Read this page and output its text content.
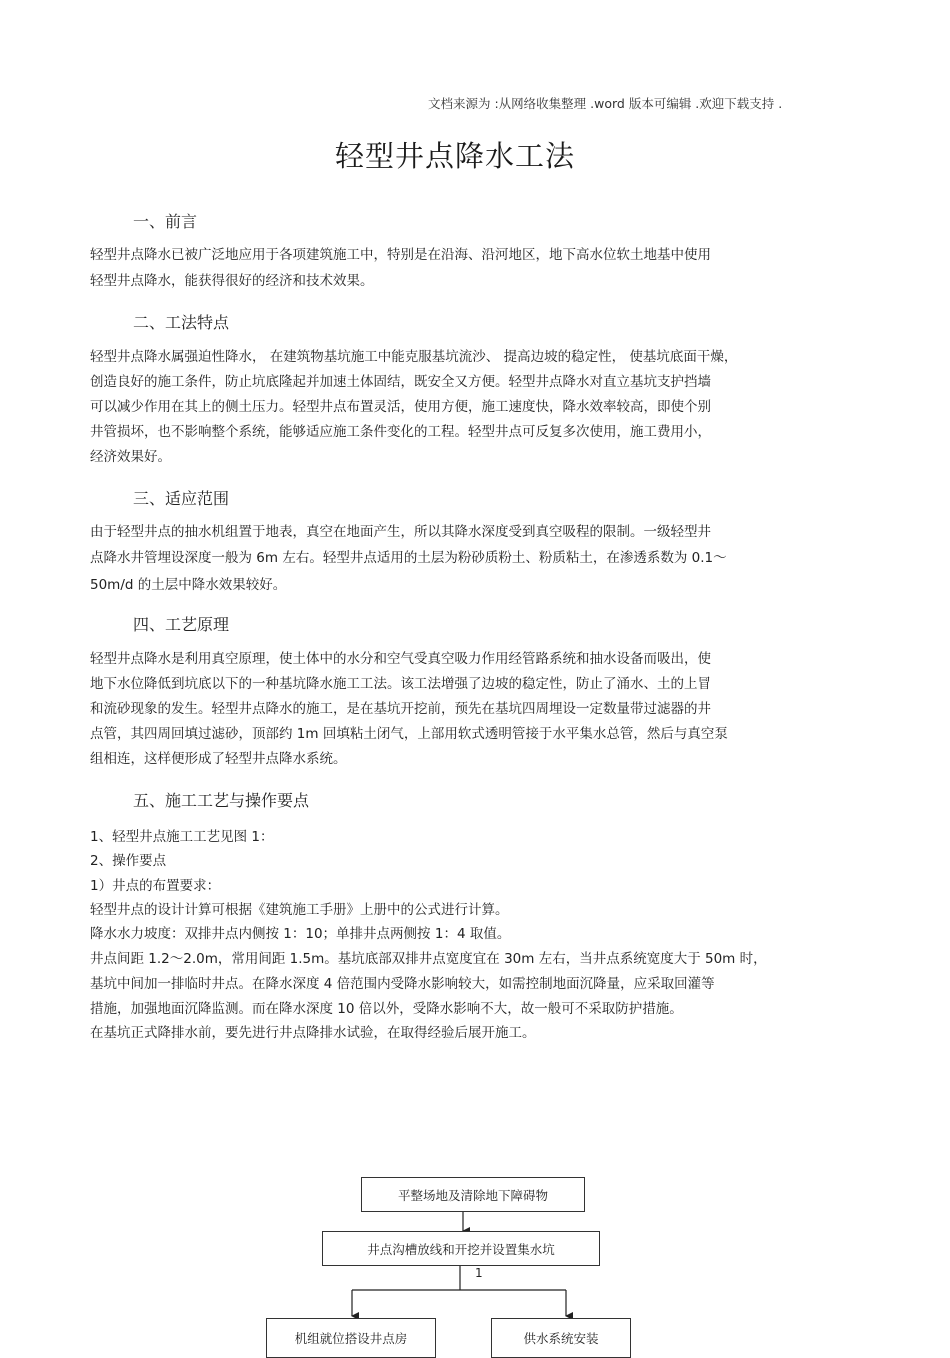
文档来源为 :从网络收集整理 .word 版本可编辑 .欢迎下载支持 .
轻型井点降水工法
一、前言
轻型井点降水已被广泛地应用于各项建筑施工中，特别是在沿海、沿河地区，地下高水位软土地基中使用
轻型井点降水，能获得很好的经济和技术效果。
二、工法特点
轻型井点降水属强迫性降水， 在建筑物基坑施工中能克服基坑流沙、 提高边坡的稳定性， 使基坑底面干燥，
创造良好的施工条件，防止坑底隆起并加速土体固结，既安全又方便。轻型井点降水对直立基坑支护挡墙
可以减少作用在其上的侧土压力。轻型井点布置灵活，使用方便，施工速度快，降水效率较高，即使个别
井管损坏，也不影响整个系统，能够适应施工条件变化的工程。轻型井点可反复多次使用，施工费用小，
经济效果好。
三、适应范围
由于轻型井点的抽水机组置于地表，真空在地面产生，所以其降水深度受到真空吸程的限制。一级轻型井
点降水井管埋设深度一般为 6m 左右。轻型井点适用的土层为粉砂质粉土、粉质粘土，在渗透系数为 0.1～
50m/d 的土层中降水效果较好。
四、工艺原理
轻型井点降水是利用真空原理，使土体中的水分和空气受真空吸力作用经管路系统和抽水设备而吸出，使
地下水位降低到坑底以下的一种基坑降水施工工法。该工法增强了边坡的稳定性，防止了涌水、土的上冒
和流砂现象的发生。轻型井点降水的施工，是在基坑开挖前，预先在基坑四周埋设一定数量带过滤器的井
点管，其四周回填过滤砂，顶部约 1m 回填粘土闭气，上部用软式透明管接于水平集水总管，然后与真空泵
组相连，这样便形成了轻型井点降水系统。
五、施工工艺与操作要点
1、轻型井点施工工艺见图 1：
2、操作要点
1）井点的布置要求：
轻型井点的设计计算可根据《建筑施工手册》上册中的公式进行计算。
降水水力坡度：双排井点内侧按 1：10；单排井点两侧按 1：4 取值。
井点间距 1.2～2.0m，常用间距 1.5m。基坑底部双排井点宽度宜在 30m 左右，当井点系统宽度大于 50m 时，
基坑中间加一排临时井点。在降水深度 4 倍范围内受降水影响较大，如需控制地面沉降量，应采取回灌等
措施，加强地面沉降监测。而在降水深度 10 倍以外，受降水影响不大，故一般可不采取防护措施。
在基坑正式降排水前，要先进行井点降排水试验，在取得经验后展开施工。
平整场地及清除地下障碍物
井点沟槽放线和开挖并设置集水坑
1
机组就位搭设井点房	供水系统安装
